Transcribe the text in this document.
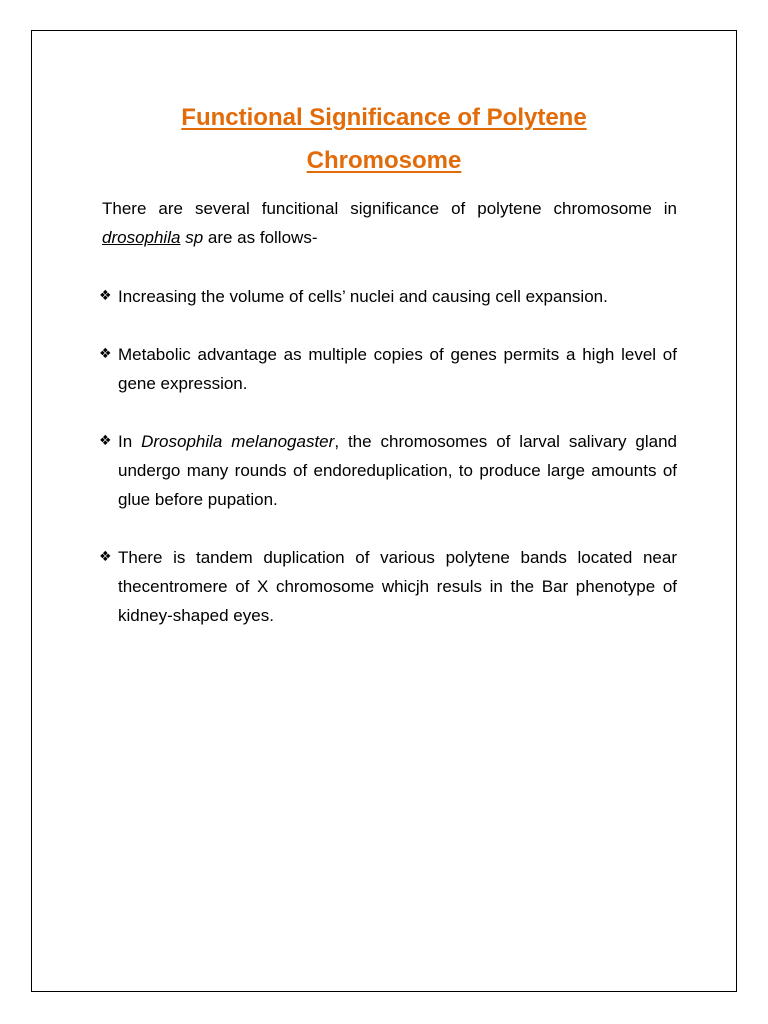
Functional Significance of Polytene
Chromosome

There are several funcitional significance of polytene chromosome in drosophila sp are as follows-

❖ Increasing the volume of cells’ nuclei and causing cell expansion.
❖ Metabolic advantage as multiple copies of genes permits a high level of gene expression.
❖ In Drosophila melanogaster, the chromosomes of larval salivary gland undergo many rounds of endoreduplication, to produce large amounts of glue before pupation.
❖ There is tandem duplication of various polytene bands located near thecentromere of X chromosome whicjh resuls in the Bar phenotype of kidney-shaped eyes.
